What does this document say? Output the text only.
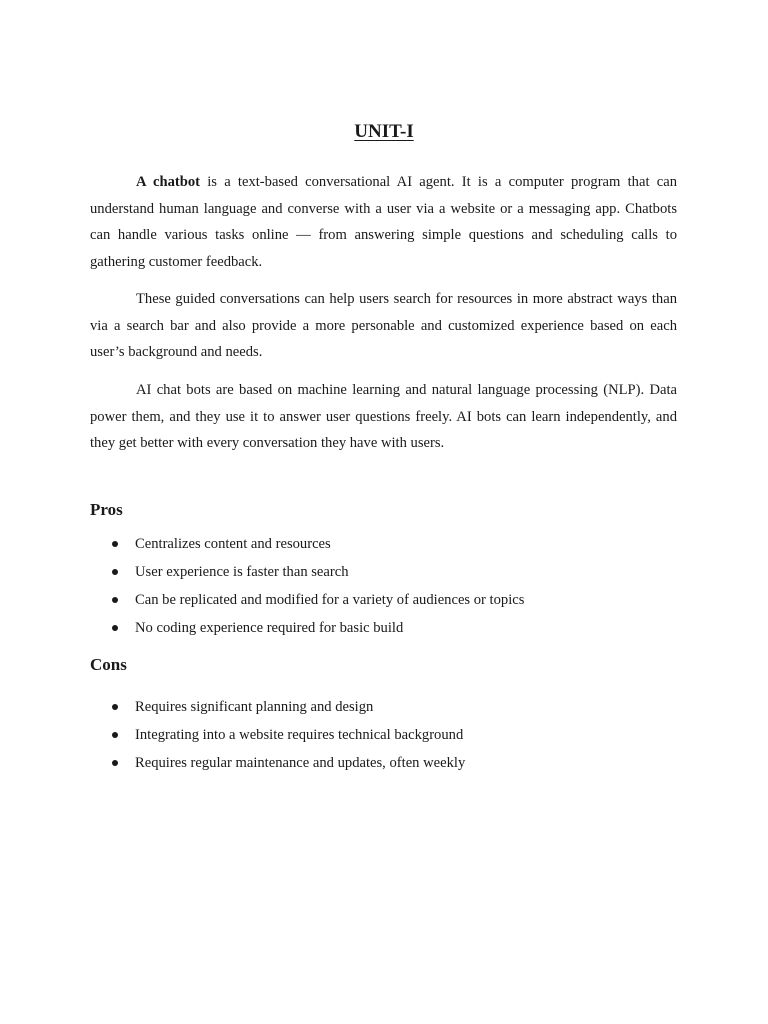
UNIT-I

A chatbot is a text-based conversational AI agent. It is a computer program that can understand human language and converse with a user via a website or a messaging app. Chatbots can handle various tasks online — from answering simple questions and scheduling calls to gathering customer feedback.

These guided conversations can help users search for resources in more abstract ways than via a search bar and also provide a more personable and customized experience based on each user’s background and needs.

AI chat bots are based on machine learning and natural language processing (NLP). Data power them, and they use it to answer user questions freely. AI bots can learn independently, and they get better with every conversation they have with users.

Pros
Centralizes content and resources
User experience is faster than search
Can be replicated and modified for a variety of audiences or topics
No coding experience required for basic build
Cons
Requires significant planning and design
Integrating into a website requires technical background
Requires regular maintenance and updates, often weekly
